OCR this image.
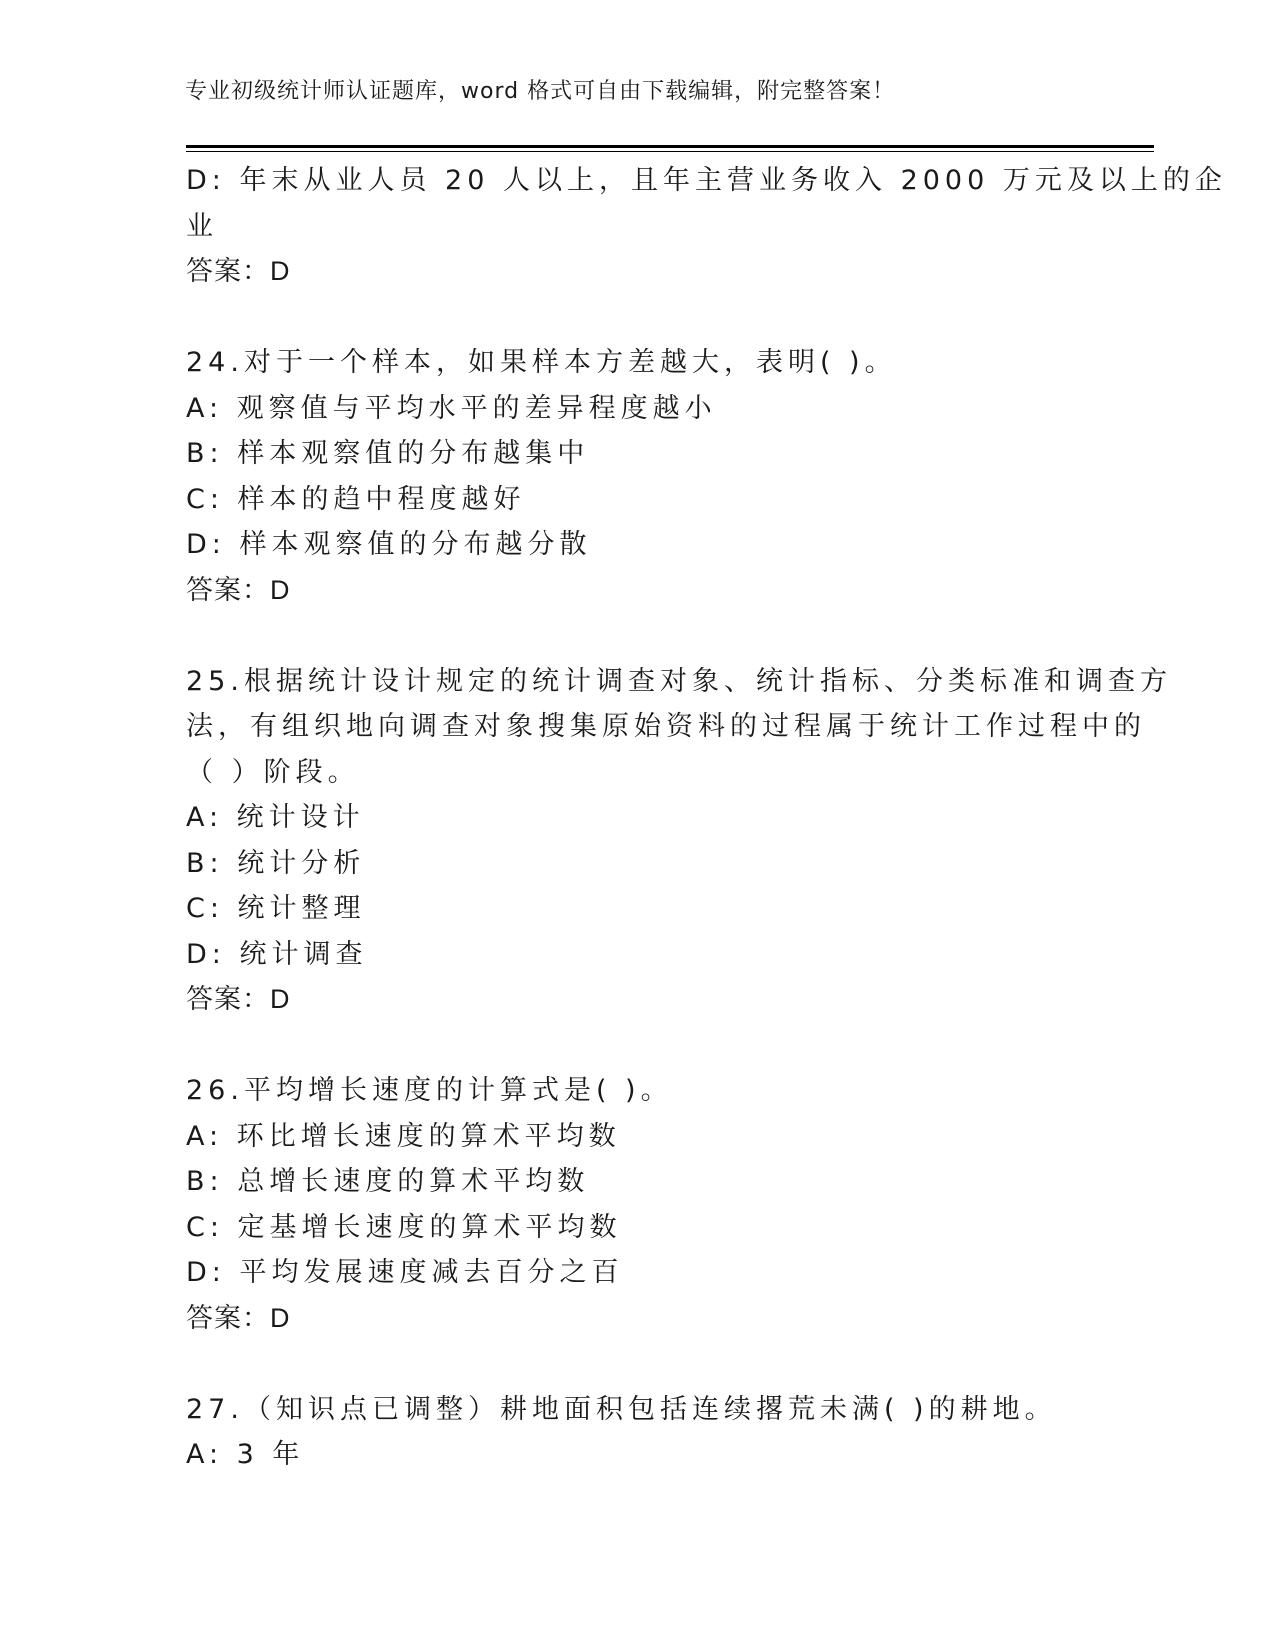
专业初级统计师认证题库，word 格式可自由下载编辑，附完整答案！
D: 年末从业人员 20 人以上，且年主营业务收入 2000 万元及以上的企
业
答案：D
24.对于一个样本，如果样本方差越大，表明( )。
A: 观察值与平均水平的差异程度越小
B: 样本观察值的分布越集中
C: 样本的趋中程度越好
D: 样本观察值的分布越分散
答案：D
25.根据统计设计规定的统计调查对象、统计指标、分类标准和调查方
法，有组织地向调查对象搜集原始资料的过程属于统计工作过程中的
（ ）阶段。
A: 统计设计
B: 统计分析
C: 统计整理
D: 统计调查
答案：D
26.平均增长速度的计算式是( )。
A: 环比增长速度的算术平均数
B: 总增长速度的算术平均数
C: 定基增长速度的算术平均数
D: 平均发展速度减去百分之百
答案：D
27.（知识点已调整）耕地面积包括连续撂荒未满( )的耕地。
A: 3 年
